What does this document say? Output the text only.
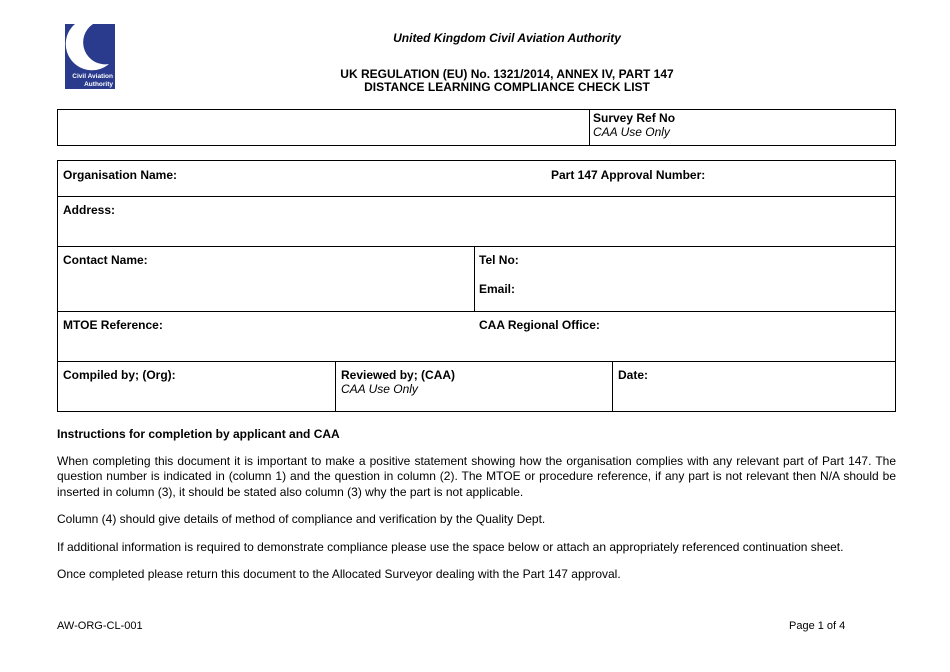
Civil Aviation
Authority
United Kingdom Civil Aviation Authority
UK REGULATION (EU) No. 1321/2014, ANNEX IV, PART 147
DISTANCE LEARNING COMPLIANCE CHECK LIST
Survey Ref No
CAA Use Only
Organisation Name:	Part 147 Approval Number:
Address:
Contact Name:	Tel No:
Email:
MTOE Reference:	CAA Regional Office:
Compiled by; (Org):	Reviewed by; (CAA)
CAA Use Only
Date:
Instructions for completion by applicant and CAA

When completing this document it is important to make a positive statement showing how the organisation complies with any relevant part of Part 147. The question number is indicated in (column 1) and the question in column (2). The MTOE or procedure reference, if any part is not relevant then N/A should be inserted in column (3), it should be stated also column (3) why the part is not applicable.

Column (4) should give details of method of compliance and verification by the Quality Dept.

If additional information is required to demonstrate compliance please use the space below or attach an appropriately referenced continuation sheet.

Once completed please return this document to the Allocated Surveyor dealing with the Part 147 approval.

AW-ORG-CL-001	Page 1 of 4
